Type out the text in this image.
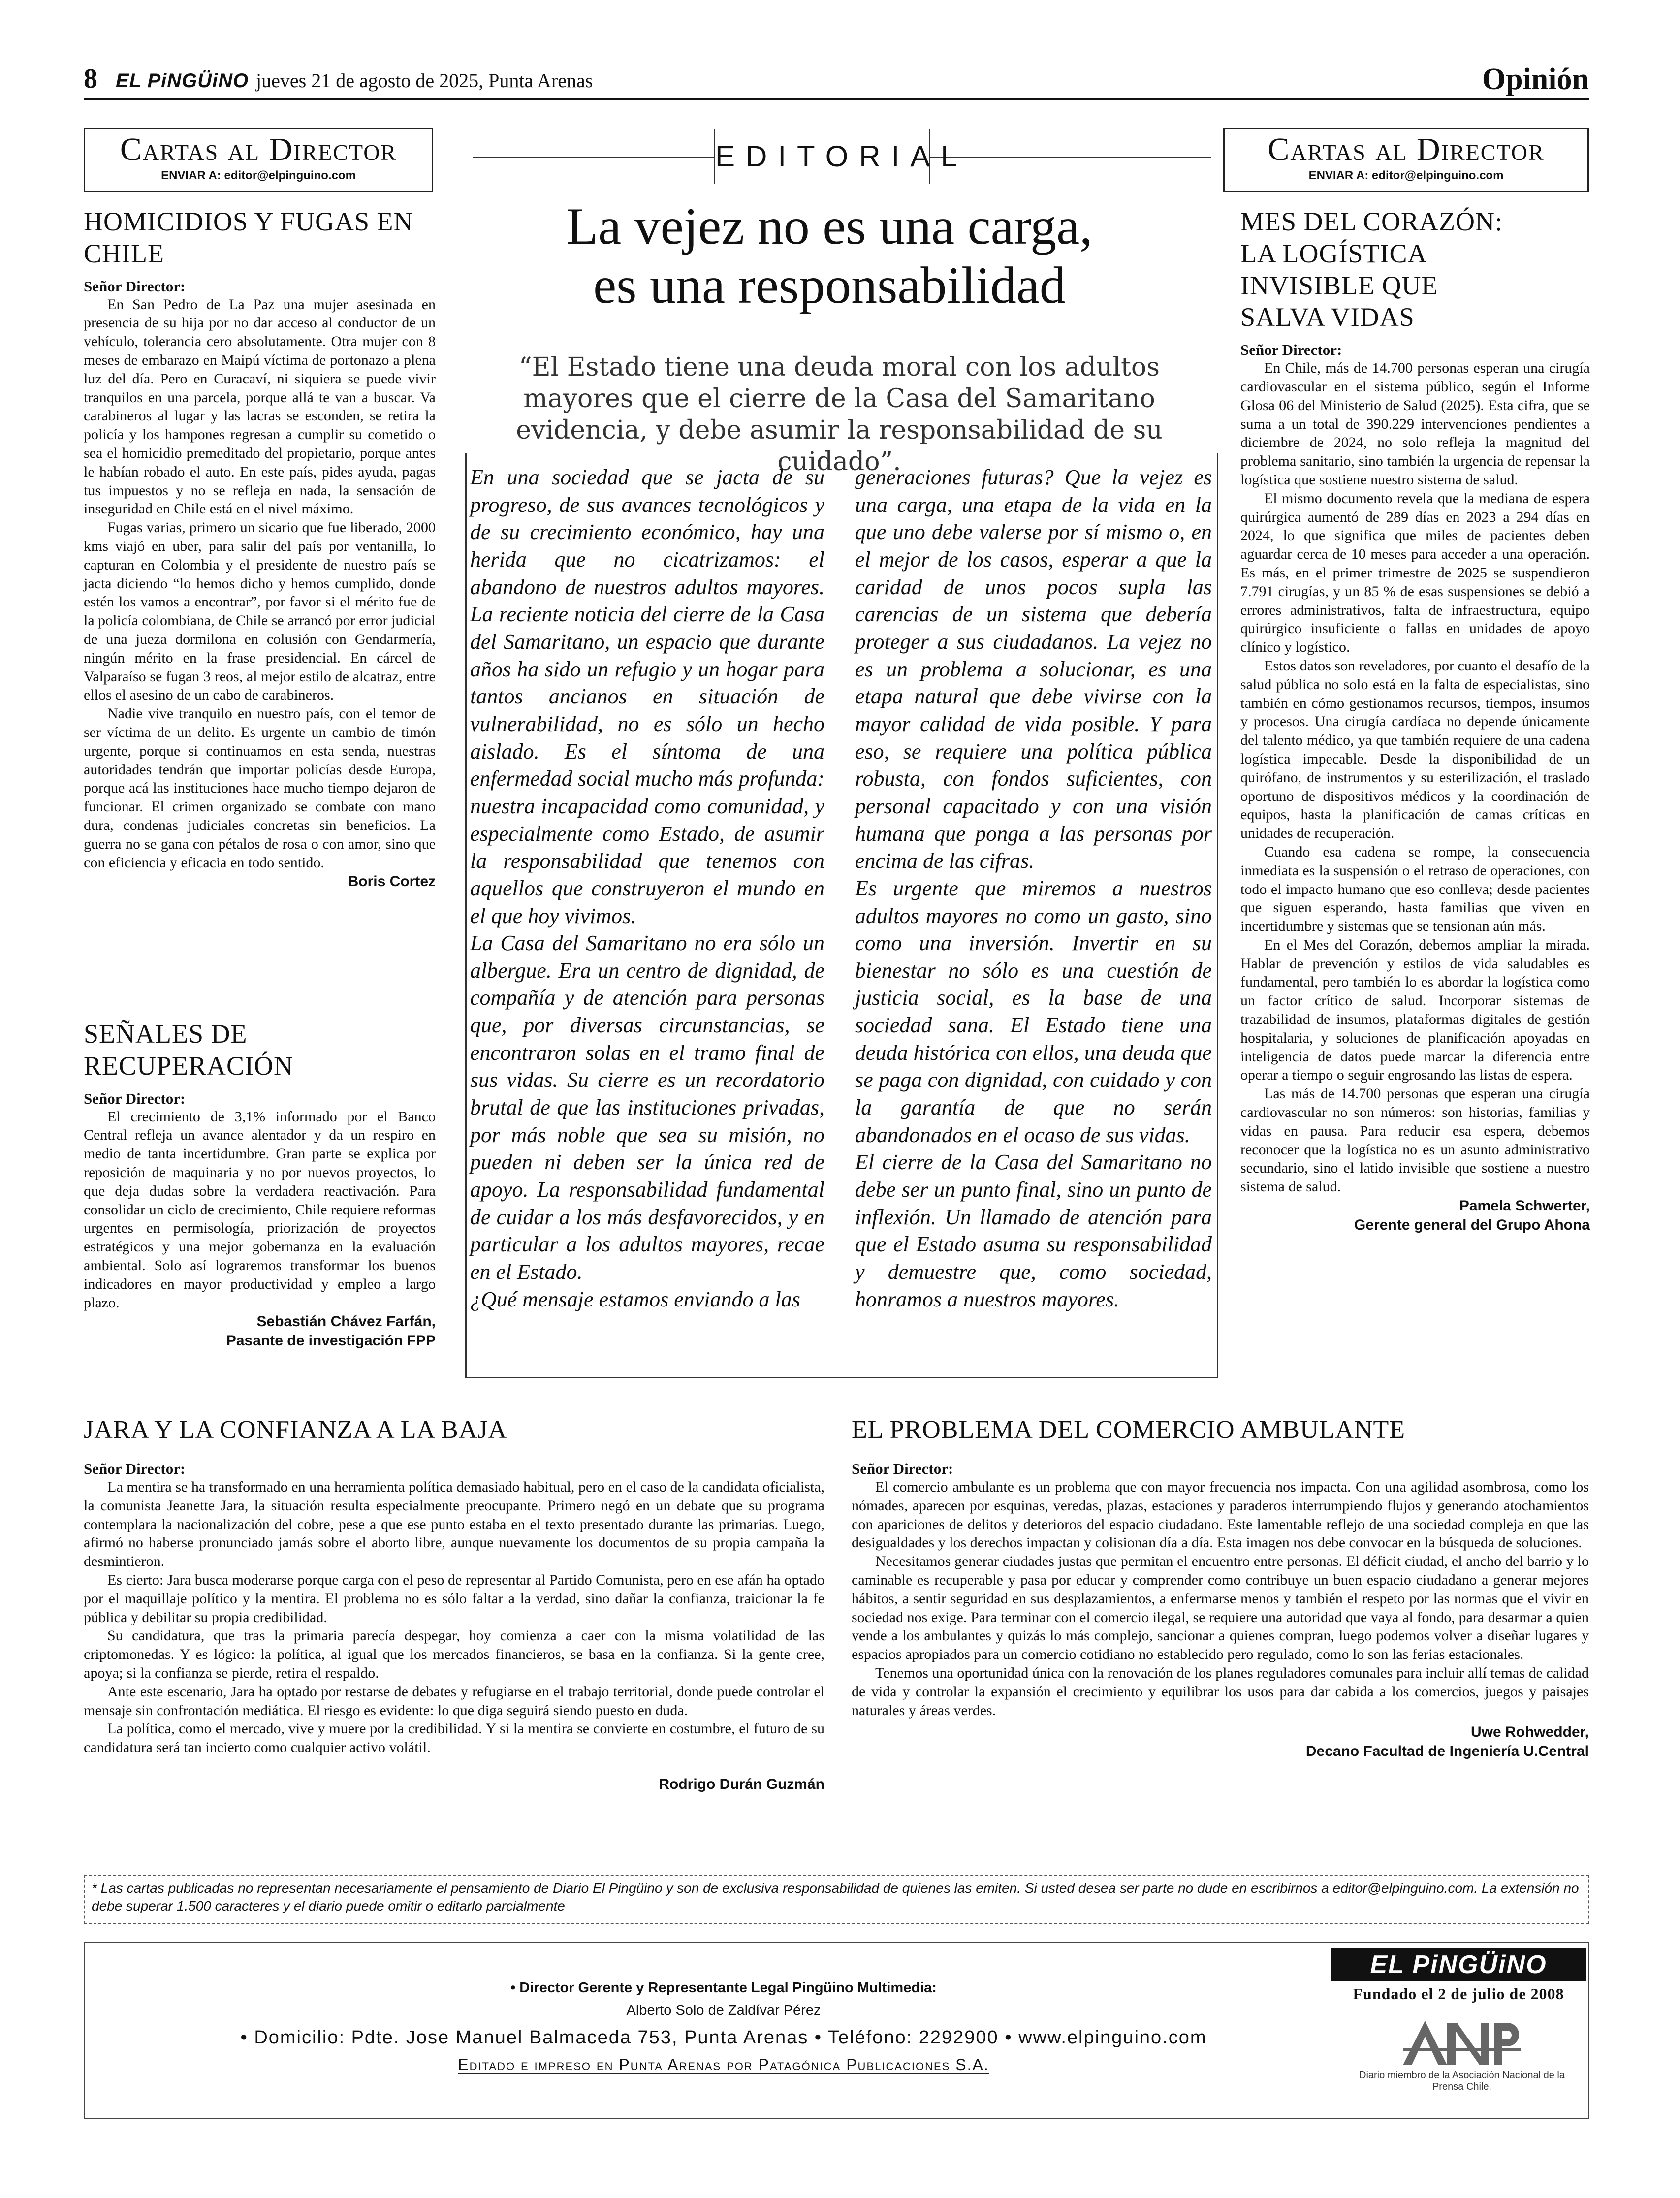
8 EL PiNGÜiNO jueves 21 de agosto de 2025, Punta Arenas	Opinión
Cartas al Director
ENVIAR A: editor@elpinguino.com
HOMICIDIOS Y FUGAS EN CHILE
Señor Director:

En San Pedro de La Paz una mujer asesinada en presencia de su hija por no dar acceso al conductor de un vehículo, tolerancia cero absolutamente. Otra mujer con 8 meses de embarazo en Maipú víctima de portonazo a plena luz del día. Pero en Curacaví, ni siquiera se puede vivir tranquilos en una parcela, porque allá te van a buscar. Va carabineros al lugar y las lacras se esconden, se retira la policía y los hampones regresan a cumplir su cometido o sea el homicidio premeditado del propietario, porque antes le habían robado el auto. En este país, pides ayuda, pagas tus impuestos y no se refleja en nada, la sensación de inseguridad en Chile está en el nivel máximo.

Fugas varias, primero un sicario que fue liberado, 2000 kms viajó en uber, para salir del país por ventanilla, lo capturan en Colombia y el presidente de nuestro país se jacta diciendo “lo hemos dicho y hemos cumplido, donde estén los vamos a encontrar”, por favor si el mérito fue de la policía colombiana, de Chile se arrancó por error judicial de una jueza dormilona en colusión con Gendarmería, ningún mérito en la frase presidencial. En cárcel de Valparaíso se fugan 3 reos, al mejor estilo de alcatraz, entre ellos el asesino de un cabo de carabineros.

Nadie vive tranquilo en nuestro país, con el temor de ser víctima de un delito. Es urgente un cambio de timón urgente, porque si continuamos en esta senda, nuestras autoridades tendrán que importar policías desde Europa, porque acá las instituciones hace mucho tiempo dejaron de funcionar. El crimen organizado se combate con mano dura, condenas judiciales concretas sin beneficios. La guerra no se gana con pétalos de rosa o con amor, sino que con eficiencia y eficacia en todo sentido.

Boris Cortez
SEÑALES DE RECUPERACIÓN
Señor Director:

El crecimiento de 3,1% informado por el Banco Central refleja un avance alentador y da un respiro en medio de tanta incertidumbre. Gran parte se explica por reposición de maquinaria y no por nuevos proyectos, lo que deja dudas sobre la verdadera reactivación. Para consolidar un ciclo de crecimiento, Chile requiere reformas urgentes en permisología, priorización de proyectos estratégicos y una mejor gobernanza en la evaluación ambiental. Solo así lograremos transformar los buenos indicadores en mayor productividad y empleo a largo plazo.

Sebastián Chávez Farfán,
Pasante de investigación FPP
EDITORIAL
La vejez no es una carga,
es una responsabilidad
“El Estado tiene una deuda moral con los adultos mayores que el cierre de la Casa del Samaritano evidencia, y debe asumir la responsabilidad de su cuidado”.

En una sociedad que se jacta de su progreso, de sus avances tecnológicos y de su crecimiento económico, hay una herida que no cicatrizamos: el abandono de nuestros adultos mayores. La reciente noticia del cierre de la Casa del Samaritano, un espacio que durante años ha sido un refugio y un hogar para tantos ancianos en situación de vulnerabilidad, no es sólo un hecho aislado. Es el síntoma de una enfermedad social mucho más profunda: nuestra incapacidad como comunidad, y especialmente como Estado, de asumir la responsabilidad que tenemos con aquellos que construyeron el mundo en el que hoy vivimos.

La Casa del Samaritano no era sólo un albergue. Era un centro de dignidad, de compañía y de atención para personas que, por diversas circunstancias, se encontraron solas en el tramo final de sus vidas. Su cierre es un recordatorio brutal de que las instituciones privadas, por más noble que sea su misión, no pueden ni deben ser la única red de apoyo. La responsabilidad fundamental de cuidar a los más desfavorecidos, y en particular a los adultos mayores, recae en el Estado.

¿Qué mensaje estamos enviando a las

generaciones futuras? Que la vejez es una carga, una etapa de la vida en la que uno debe valerse por sí mismo o, en el mejor de los casos, esperar a que la caridad de unos pocos supla las carencias de un sistema que debería proteger a sus ciudadanos. La vejez no es un problema a solucionar, es una etapa natural que debe vivirse con la mayor calidad de vida posible. Y para eso, se requiere una política pública robusta, con fondos suficientes, con personal capacitado y con una visión humana que ponga a las personas por encima de las cifras.

Es urgente que miremos a nuestros adultos mayores no como un gasto, sino como una inversión. Invertir en su bienestar no sólo es una cuestión de justicia social, es la base de una sociedad sana. El Estado tiene una deuda histórica con ellos, una deuda que se paga con dignidad, con cuidado y con la garantía de que no serán abandonados en el ocaso de sus vidas.

El cierre de la Casa del Samaritano no debe ser un punto final, sino un punto de inflexión. Un llamado de atención para que el Estado asuma su responsabilidad y demuestre que, como sociedad, honramos a nuestros mayores.

Cartas al Director
ENVIAR A: editor@elpinguino.com
MES DEL CORAZÓN: LA LOGÍSTICA INVISIBLE QUE SALVA VIDAS
Señor Director:

En Chile, más de 14.700 personas esperan una cirugía cardiovascular en el sistema público, según el Informe Glosa 06 del Ministerio de Salud (2025). Esta cifra, que se suma a un total de 390.229 intervenciones pendientes a diciembre de 2024, no solo refleja la magnitud del problema sanitario, sino también la urgencia de repensar la logística que sostiene nuestro sistema de salud.

El mismo documento revela que la mediana de espera quirúrgica aumentó de 289 días en 2023 a 294 días en 2024, lo que significa que miles de pacientes deben aguardar cerca de 10 meses para acceder a una operación. Es más, en el primer trimestre de 2025 se suspendieron 7.791 cirugías, y un 85 % de esas suspensiones se debió a errores administrativos, falta de infraestructura, equipo quirúrgico insuficiente o fallas en unidades de apoyo clínico y logístico.

Estos datos son reveladores, por cuanto el desafío de la salud pública no solo está en la falta de especialistas, sino también en cómo gestionamos recursos, tiempos, insumos y procesos. Una cirugía cardíaca no depende únicamente del talento médico, ya que también requiere de una cadena logística impecable. Desde la disponibilidad de un quirófano, de instrumentos y su esterilización, el traslado oportuno de dispositivos médicos y la coordinación de equipos, hasta la planificación de camas críticas en unidades de recuperación.

Cuando esa cadena se rompe, la consecuencia inmediata es la suspensión o el retraso de operaciones, con todo el impacto humano que eso conlleva; desde pacientes que siguen esperando, hasta familias que viven en incertidumbre y sistemas que se tensionan aún más.

En el Mes del Corazón, debemos ampliar la mirada. Hablar de prevención y estilos de vida saludables es fundamental, pero también lo es abordar la logística como un factor crítico de salud. Incorporar sistemas de trazabilidad de insumos, plataformas digitales de gestión hospitalaria, y soluciones de planificación apoyadas en inteligencia de datos puede marcar la diferencia entre operar a tiempo o seguir engrosando las listas de espera.

Las más de 14.700 personas que esperan una cirugía cardiovascular no son números: son historias, familias y vidas en pausa. Para reducir esa espera, debemos reconocer que la logística no es un asunto administrativo secundario, sino el latido invisible que sostiene a nuestro sistema de salud.

Pamela Schwerter,
Gerente general del Grupo Ahona
JARA Y LA CONFIANZA A LA BAJA
Señor Director:

La mentira se ha transformado en una herramienta política demasiado habitual, pero en el caso de la candidata oficialista, la comunista Jeanette Jara, la situación resulta especialmente preocupante. Primero negó en un debate que su programa contemplara la nacionalización del cobre, pese a que ese punto estaba en el texto presentado durante las primarias. Luego, afirmó no haberse pronunciado jamás sobre el aborto libre, aunque nuevamente los documentos de su propia campaña la desmintieron.

Es cierto: Jara busca moderarse porque carga con el peso de representar al Partido Comunista, pero en ese afán ha optado por el maquillaje político y la mentira. El problema no es sólo faltar a la verdad, sino dañar la confianza, traicionar la fe pública y debilitar su propia credibilidad.

Su candidatura, que tras la primaria parecía despegar, hoy comienza a caer con la misma volatilidad de las criptomonedas. Y es lógico: la política, al igual que los mercados financieros, se basa en la confianza. Si la gente cree, apoya; si la confianza se pierde, retira el respaldo.

Ante este escenario, Jara ha optado por restarse de debates y refugiarse en el trabajo territorial, donde puede controlar el mensaje sin confrontación mediática. El riesgo es evidente: lo que diga seguirá siendo puesto en duda.

La política, como el mercado, vive y muere por la credibilidad. Y si la mentira se convierte en costumbre, el futuro de su candidatura será tan incierto como cualquier activo volátil.

Rodrigo Durán Guzmán
EL PROBLEMA DEL COMERCIO AMBULANTE
Señor Director:

El comercio ambulante es un problema que con mayor frecuencia nos impacta. Con una agilidad asombrosa, como los nómades, aparecen por esquinas, veredas, plazas, estaciones y paraderos interrumpiendo flujos y generando atochamientos con apariciones de delitos y deterioros del espacio ciudadano. Este lamentable reflejo de una sociedad compleja en que las desigualdades y los derechos impactan y colisionan día a día. Esta imagen nos debe convocar en la búsqueda de soluciones.

Necesitamos generar ciudades justas que permitan el encuentro entre personas. El déficit ciudad, el ancho del barrio y lo caminable es recuperable y pasa por educar y comprender como contribuye un buen espacio ciudadano a generar mejores hábitos, a sentir seguridad en sus desplazamientos, a enfermarse menos y también el respeto por las normas que el vivir en sociedad nos exige. Para terminar con el comercio ilegal, se requiere una autoridad que vaya al fondo, para desarmar a quien vende a los ambulantes y quizás lo más complejo, sancionar a quienes compran, luego podemos volver a diseñar lugares y espacios apropiados para un comercio cotidiano no establecido pero regulado, como lo son las ferias estacionales.

Tenemos una oportunidad única con la renovación de los planes reguladores comunales para incluir allí temas de calidad de vida y controlar la expansión el crecimiento y equilibrar los usos para dar cabida a los comercios, juegos y paisajes naturales y áreas verdes.

Uwe Rohwedder,
Decano Facultad de Ingeniería U.Central
* Las cartas publicadas no representan necesariamente el pensamiento de Diario El Pingüino y son de exclusiva responsabilidad de quienes las emiten. Si usted desea ser parte no dude en escribirnos a editor@elpinguino.com. La extensión no debe superar 1.500 caracteres y el diario puede omitir o editarlo parcialmente
• Director Gerente y Representante Legal Pingüino Multimedia:
Alberto Solo de Zaldívar Pérez
• Domicilio: Pdte. Jose Manuel Balmaceda 753, Punta Arenas • Teléfono: 2292900 • www.elpinguino.com
Editado e impreso en Punta Arenas por Patagónica Publicaciones S.A.
EL PiNGÜiNO
Fundado el 2 de julio de 2008
Diario miembro de la Asociación Nacional de la Prensa Chile.
